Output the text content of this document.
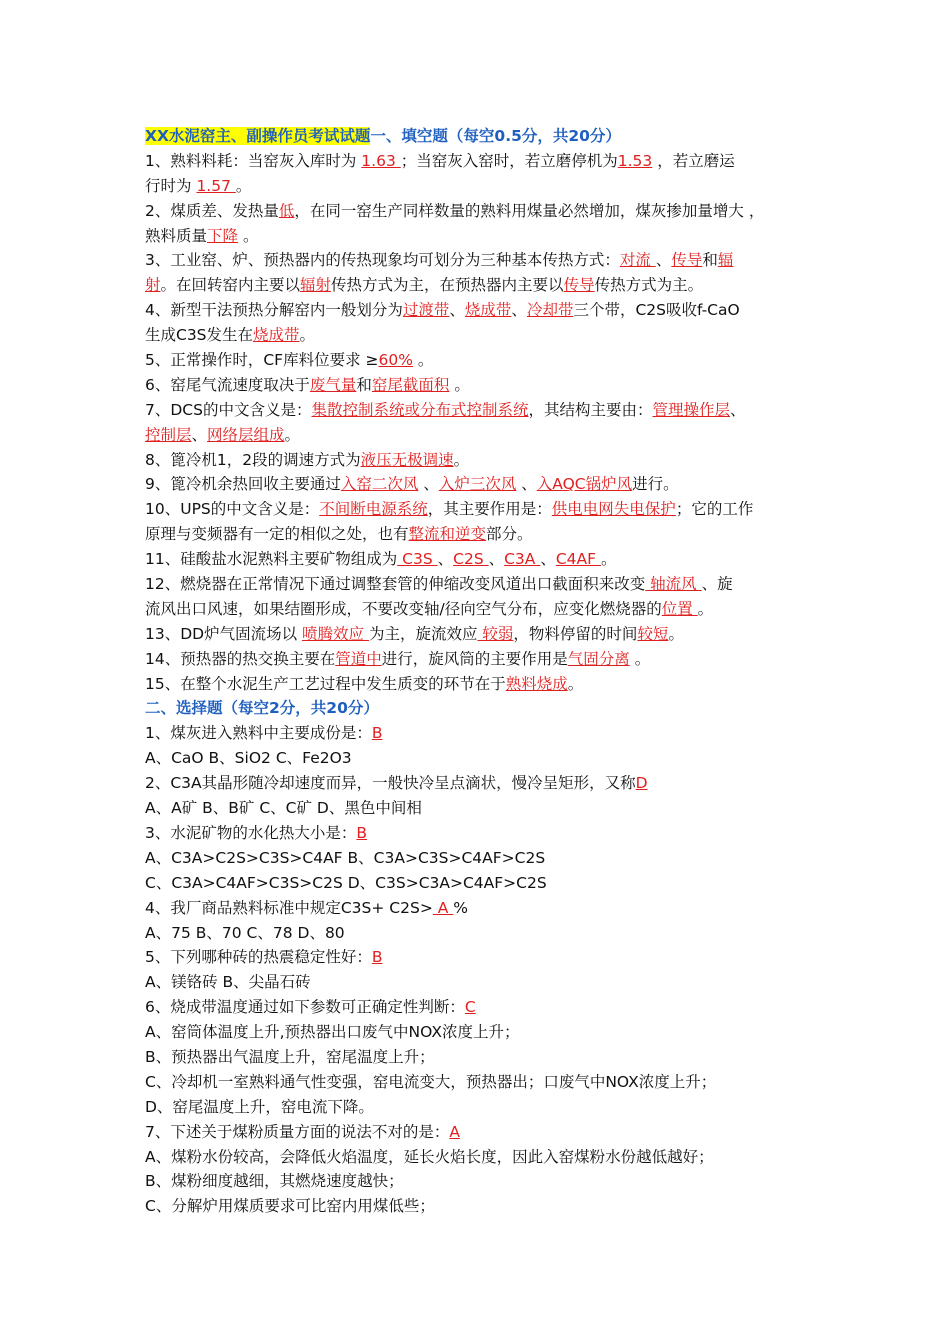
XX水泥窑主、副操作员考试试题一、填空题（每空0.5分，共20分）
1、熟料料耗：当窑灰入库时为 1.63 ；当窑灰入窑时，若立磨停机为1.53 ，若立磨运
行时为 1.57 。
2、煤质差、发热量低，在同一窑生产同样数量的熟料用煤量必然增加，煤灰掺加量增大 ，
熟料质量下降 。
3、工业窑、炉、预热器内的传热现象均可划分为三种基本传热方式：对流 、传导和辐
射。在回转窑内主要以辐射传热方式为主，在预热器内主要以传导传热方式为主。
4、新型干法预热分解窑内一般划分为过渡带、烧成带、冷却带三个带，C2S吸收f-CaO
生成C3S发生在烧成带。
5、正常操作时，CF库料位要求 ≥60% 。
6、窑尾气流速度取决于废气量和窑尾截面积 。
7、DCS的中文含义是：集散控制系统或分布式控制系统，其结构主要由：管理操作层、
控制层、网络层组成。
8、篦冷机1，2段的调速方式为液压无极调速。
9、篦冷机余热回收主要通过入窑二次风 、入炉三次风 、入AQC锅炉风进行。
10、UPS的中文含义是：不间断电源系统，其主要作用是：供电电网失电保护；它的工作
原理与变频器有一定的相似之处，也有整流和逆变部分。
11、硅酸盐水泥熟料主要矿物组成为 C3S 、C2S 、C3A 、C4AF 。
12、燃烧器在正常情况下通过调整套管的伸缩改变风道出口截面积来改变 轴流风 、旋
流风出口风速，如果结圈形成，不要改变轴/径向空气分布，应变化燃烧器的位置 。
13、DD炉气固流场以 喷腾效应 为主，旋流效应 较弱，物料停留的时间较短。
14、预热器的热交换主要在管道中进行，旋风筒的主要作用是气固分离 。
15、在整个水泥生产工艺过程中发生质变的环节在于熟料烧成。
二、选择题（每空2分，共20分）
1、煤灰进入熟料中主要成份是：B
A、CaO B、SiO2 C、Fe2O3
2、C3A其晶形随冷却速度而异，一般快冷呈点滴状，慢冷呈矩形，又称D
A、A矿 B、B矿 C、C矿 D、黑色中间相
3、水泥矿物的水化热大小是：B
A、C3A>C2S>C3S>C4AF B、C3A>C3S>C4AF>C2S
C、C3A>C4AF>C3S>C2S D、C3S>C3A>C4AF>C2S
4、我厂商品熟料标准中规定C3S+ C2S> A %
A、75 B、70 C、78 D、80
5、下列哪种砖的热震稳定性好：B
A、镁铬砖 B、尖晶石砖
6、烧成带温度通过如下参数可正确定性判断：C
A、窑筒体温度上升,预热器出口废气中NOX浓度上升；
B、预热器出气温度上升，窑尾温度上升；
C、冷却机一室熟料通气性变强，窑电流变大，预热器出；口废气中NOX浓度上升；
D、窑尾温度上升，窑电流下降。
7、下述关于煤粉质量方面的说法不对的是：A
A、煤粉水份较高，会降低火焰温度，延长火焰长度，因此入窑煤粉水份越低越好；
B、煤粉细度越细，其燃烧速度越快；
C、分解炉用煤质要求可比窑内用煤低些；
